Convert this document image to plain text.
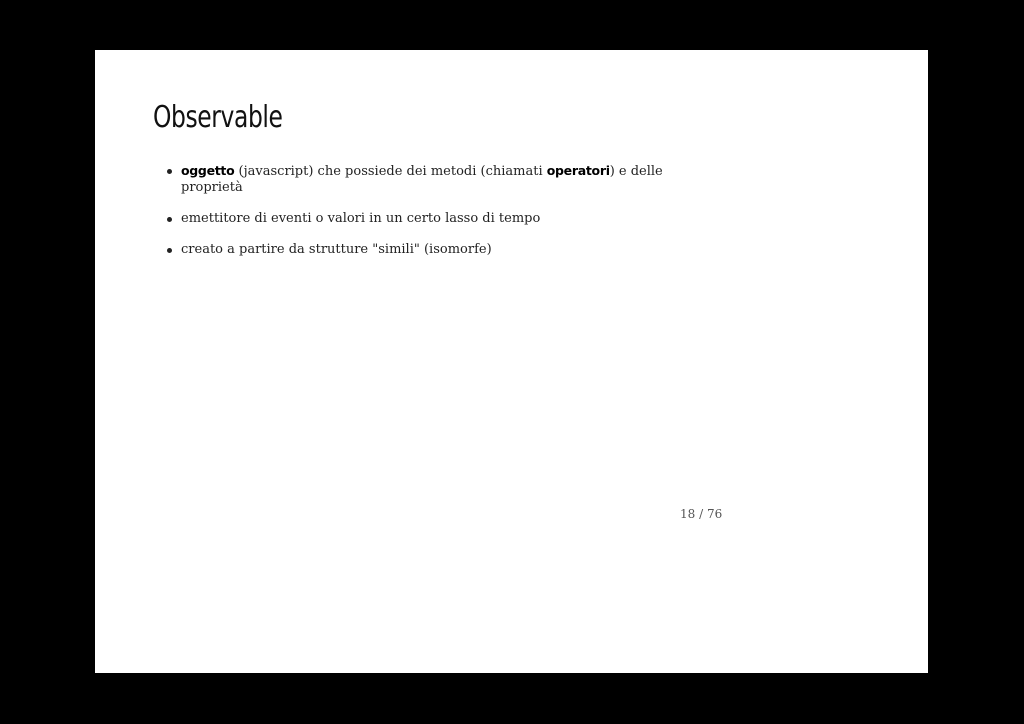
Observable
oggetto (javascript) che possiede dei metodi (chiamati operatori) e delle proprietà
emettitore di eventi o valori in un certo lasso di tempo
creato a partire da strutture "simili" (isomorfe)
18 / 76
